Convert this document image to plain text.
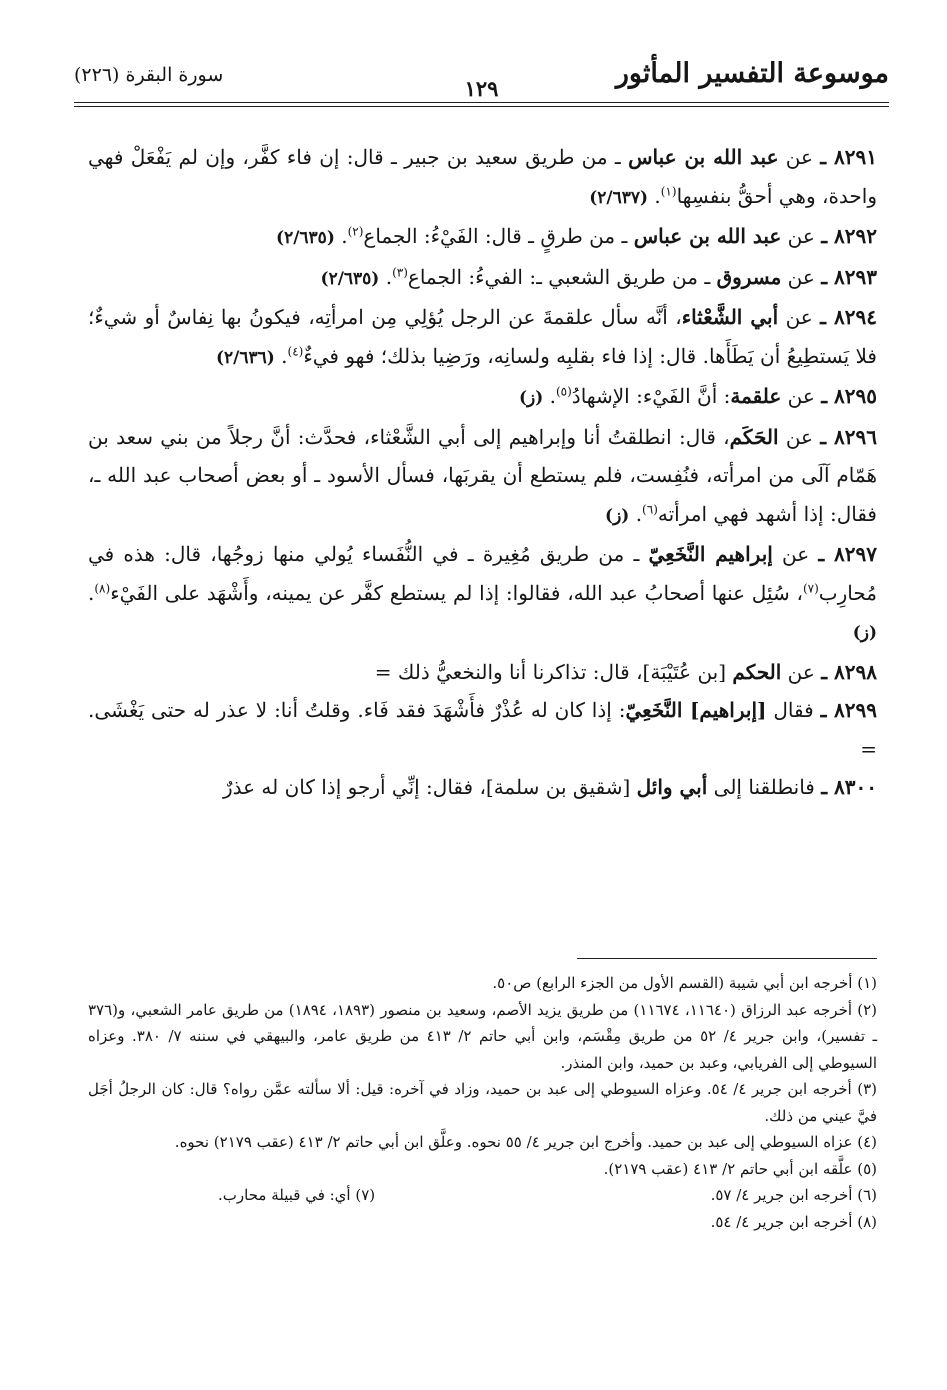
موسوعة التفسير المأثور
١٢٩
سورة البقرة (٢٢٦)

٨٢٩١ ـ عن عبد الله بن عباس ـ من طريق سعيد بن جبير ـ قال: إن فاء كفَّر، وإن لم يَفْعَلْ فهي واحدة، وهي أحقُّ بنفسِها$^{(١)}$. (٢/٦٣٧)

٨٢٩٢ ـ عن عبد الله بن عباس ـ من طرقٍ ـ قال: الفَيْءُ: الجماع$^{(٢)}$. (٢/٦٣٥)

٨٢٩٣ ـ عن مسروق ـ من طريق الشعبي ـ: الفيءُ: الجماع$^{(٣)}$. (٢/٦٣٥)

٨٢٩٤ ـ عن أبي الشَّعْثاء، أنَّه سأل علقمةَ عن الرجل يُؤلِي مِن امرأتِه، فيكونُ بها نِفاسٌ أو شيءٌ؛ فلا يَستطِيعُ أن يَطَأَها. قال: إذا فاء بقلبِه ولسانِه، ورَضِيا بذلك؛ فهو فيءٌ$^{(٤)}$. (٢/٦٣٦)

٨٢٩٥ ـ عن علقمة: أنَّ الفَيْء: الإشهادُ$^{(٥)}$. (ز)

٨٢٩٦ ـ عن الحَكَم، قال: انطلقتُ أنا وإبراهيم إلى أبي الشَّعْثاء، فحدَّث: أنَّ رجلاً من بني سعد بن هَمّام آلَى من امرأته، فنُفِست، فلم يستطع أن يقربَها، فسأل الأسود ـ أو بعض أصحاب عبد الله ـ، فقال: إذا أشهد فهي امرأته$^{(٦)}$. (ز)

٨٢٩٧ ـ عن إبراهيم النَّخَعِيّ ـ من طريق مُغِيرة ـ في النُّفَساء يُولي منها زوجُها، قال: هذه في مُحارِب$^{(٧)}$، سُئِل عنها أصحابُ عبد الله، فقالوا: إذا لم يستطع كفَّر عن يمينه، وأَشْهَد على الفَيْء$^{(٨)}$. (ز)

٨٢٩٨ ـ عن الحكم [بن عُتَيْبَة]، قال: تذاكرنا أنا والنخعيُّ ذلك =

٨٢٩٩ ـ فقال [إبراهيم] النَّخَعِيّ: إذا كان له عُذْرٌ فأَشْهَدَ فقد فَاء. وقلتُ أنا: لا عذر له حتى يَغْشَى. =

٨٣٠٠ ـ فانطلقنا إلى أبي وائل [شقيق بن سلمة]، فقال: إنِّي أرجو إذا كان له عذرٌ

(١) أخرجه ابن أبي شيبة (القسم الأول من الجزء الرابع) ص٥٠.

(٢) أخرجه عبد الرزاق (١١٦٤٠، ١١٦٧٤) من طريق يزيد الأصم، وسعيد بن منصور (١٨٩٣، ١٨٩٤) من طريق عامر الشعبي، و(٣٧٦ ـ تفسير)، وابن جرير ٤/ ٥٢ من طريق مِقْسَم، وابن أبي حاتم ٢/ ٤١٣ من طريق عامر، والبيهقي في سننه ٧/ ٣٨٠. وعزاه السيوطي إلى الفريابي، وعبد بن حميد، وابن المنذر.

(٣) أخرجه ابن جرير ٤/ ٥٤. وعزاه السيوطي إلى عبد بن حميد، وزاد في آخره: قيل: ألا سألته عمَّن رواه؟ قال: كان الرجلُ أجَل فيَّ عيني من ذلك.

(٤) عزاه السيوطي إلى عبد بن حميد. وأخرج ابن جرير ٤/ ٥٥ نحوه. وعلَّق ابن أبي حاتم ٢/ ٤١٣ (عقب ٢١٧٩) نحوه.

(٥) علَّقه ابن أبي حاتم ٢/ ٤١٣ (عقب ٢١٧٩).

(٦) أخرجه ابن جرير ٤/ ٥٧.

(٧) أي: في قبيلة محارب.

(٨) أخرجه ابن جرير ٤/ ٥٤.
